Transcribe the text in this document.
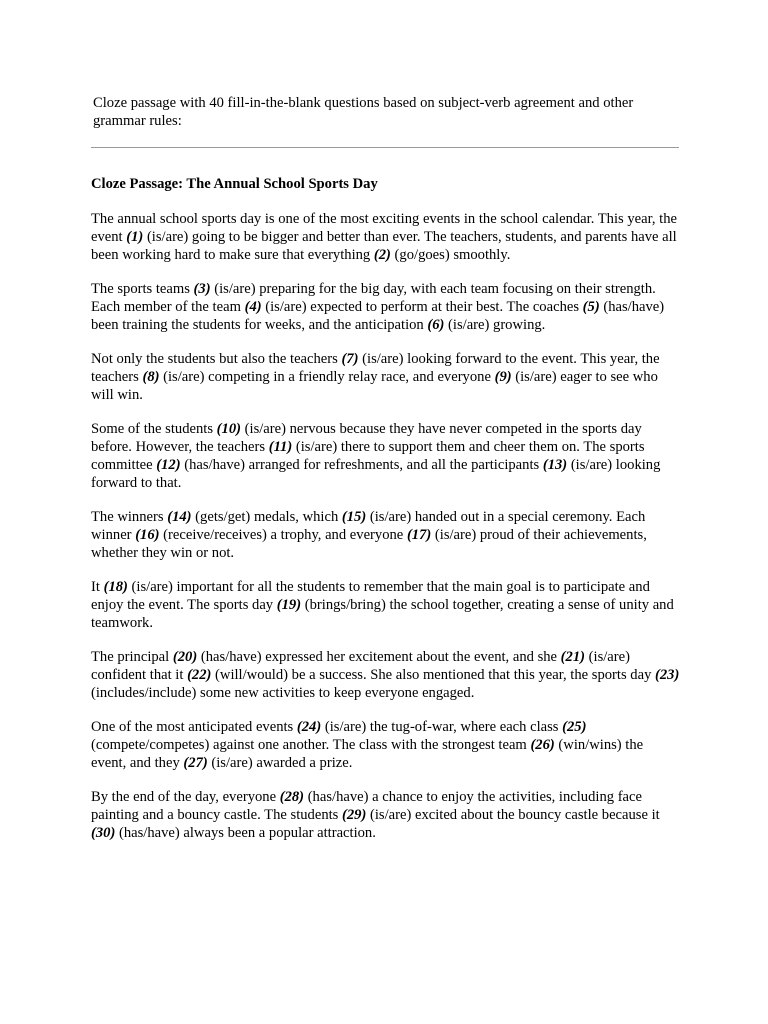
Cloze passage with 40 fill-in-the-blank questions based on subject-verb agreement and other grammar rules:

Cloze Passage: The Annual School Sports Day

The annual school sports day is one of the most exciting events in the school calendar. This year, the event (1) (is/are) going to be bigger and better than ever. The teachers, students, and parents have all been working hard to make sure that everything (2) (go/goes) smoothly.

The sports teams (3) (is/are) preparing for the big day, with each team focusing on their strength. Each member of the team (4) (is/are) expected to perform at their best. The coaches (5) (has/have) been training the students for weeks, and the anticipation (6) (is/are) growing.

Not only the students but also the teachers (7) (is/are) looking forward to the event. This year, the teachers (8) (is/are) competing in a friendly relay race, and everyone (9) (is/are) eager to see who will win.

Some of the students (10) (is/are) nervous because they have never competed in the sports day before. However, the teachers (11) (is/are) there to support them and cheer them on. The sports committee (12) (has/have) arranged for refreshments, and all the participants (13) (is/are) looking forward to that.

The winners (14) (gets/get) medals, which (15) (is/are) handed out in a special ceremony. Each winner (16) (receive/receives) a trophy, and everyone (17) (is/are) proud of their achievements, whether they win or not.

It (18) (is/are) important for all the students to remember that the main goal is to participate and enjoy the event. The sports day (19) (brings/bring) the school together, creating a sense of unity and teamwork.

The principal (20) (has/have) expressed her excitement about the event, and she (21) (is/are) confident that it (22) (will/would) be a success. She also mentioned that this year, the sports day (23) (includes/include) some new activities to keep everyone engaged.

One of the most anticipated events (24) (is/are) the tug-of-war, where each class (25) (compete/competes) against one another. The class with the strongest team (26) (win/wins) the event, and they (27) (is/are) awarded a prize.

By the end of the day, everyone (28) (has/have) a chance to enjoy the activities, including face painting and a bouncy castle. The students (29) (is/are) excited about the bouncy castle because it (30) (has/have) always been a popular attraction.
